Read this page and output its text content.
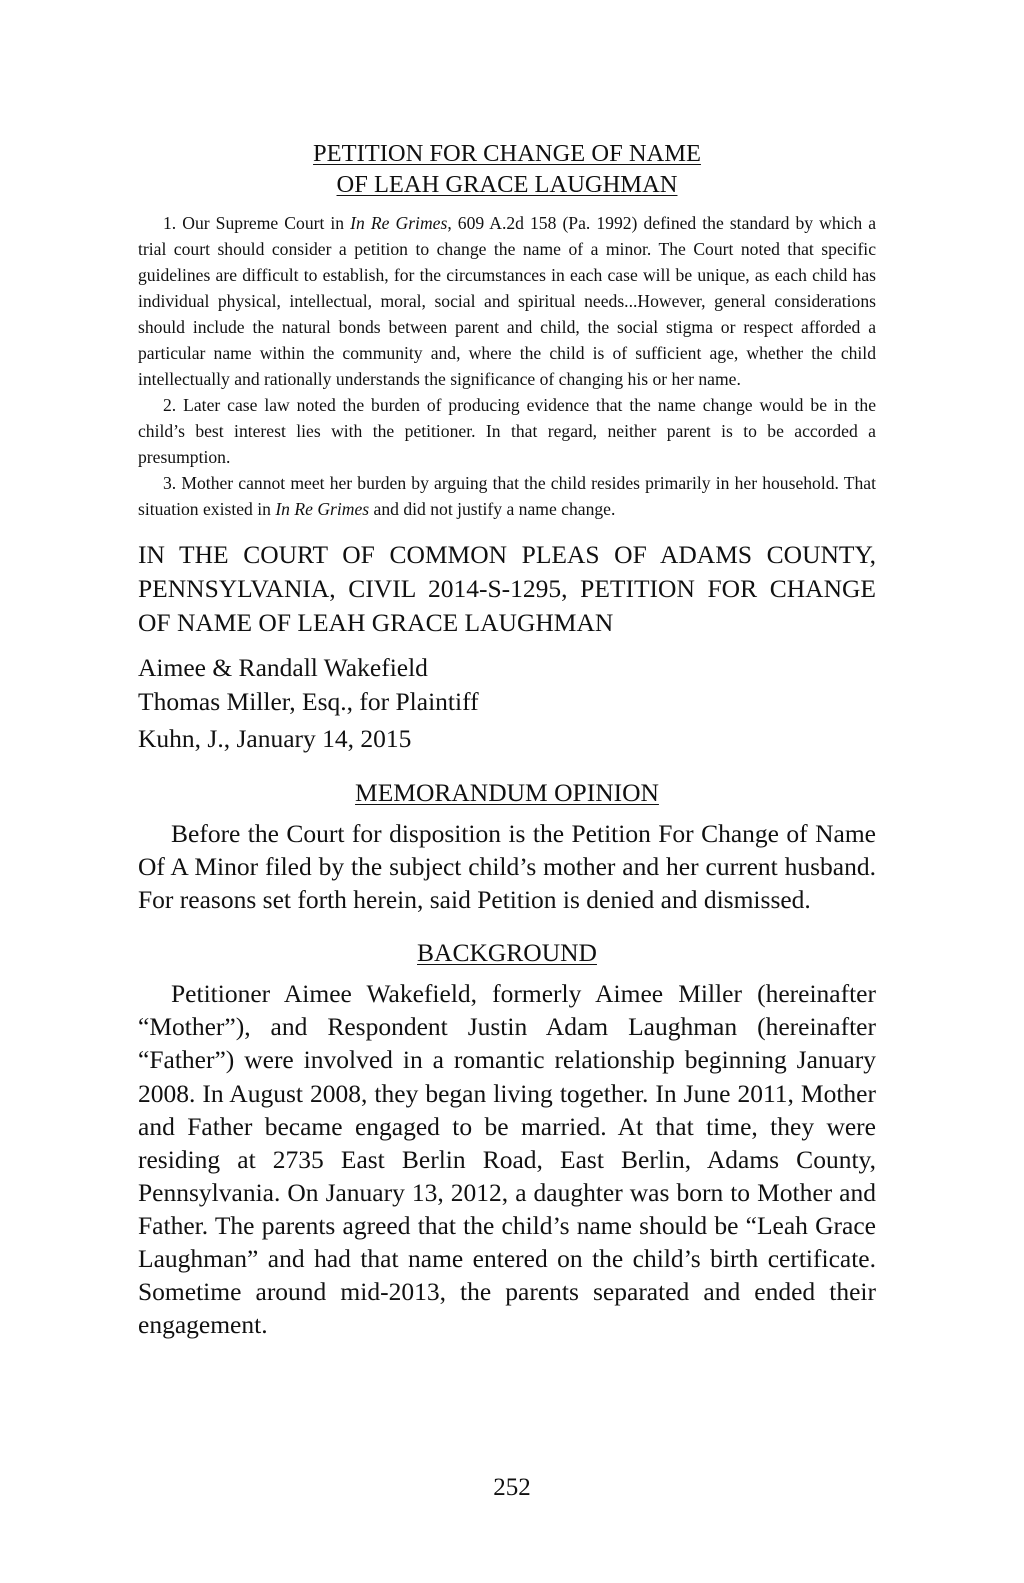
PETITION FOR CHANGE OF NAME
OF LEAH GRACE LAUGHMAN

1. Our Supreme Court in In Re Grimes, 609 A.2d 158 (Pa. 1992) defined the standard by which a trial court should consider a petition to change the name of a minor. The Court noted that specific guidelines are difficult to establish, for the circumstances in each case will be unique, as each child has individual physical, intellectual, moral, social and spiritual needs...However, general considerations should include the natural bonds between parent and child, the social stigma or respect afforded a particular name within the community and, where the child is of sufficient age, whether the child intellectually and rationally understands the significance of changing his or her name.

2. Later case law noted the burden of producing evidence that the name change would be in the child’s best interest lies with the petitioner. In that regard, neither parent is to be accorded a presumption.

3. Mother cannot meet her burden by arguing that the child resides primarily in her household. That situation existed in In Re Grimes and did not justify a name change.

IN THE COURT OF COMMON PLEAS OF ADAMS COUNTY, PENNSYLVANIA, CIVIL 2014-S-1295, PETITION FOR CHANGE OF NAME OF LEAH GRACE LAUGHMAN
Aimee & Randall Wakefield
Thomas Miller, Esq., for Plaintiff
Kuhn, J., January 14, 2015
MEMORANDUM OPINION

Before the Court for disposition is the Petition For Change of Name Of A Minor filed by the subject child’s mother and her current husband. For reasons set forth herein, said Petition is denied and dismissed.

BACKGROUND

Petitioner Aimee Wakefield, formerly Aimee Miller (hereinafter “Mother”), and Respondent Justin Adam Laughman (hereinafter “Father”) were involved in a romantic relationship beginning January 2008. In August 2008, they began living together. In June 2011, Mother and Father became engaged to be married. At that time, they were residing at 2735 East Berlin Road, East Berlin, Adams County, Pennsylvania. On January 13, 2012, a daughter was born to Mother and Father. The parents agreed that the child’s name should be “Leah Grace Laughman” and had that name entered on the child’s birth certificate. Sometime around mid-2013, the parents separated and ended their engagement.

252
